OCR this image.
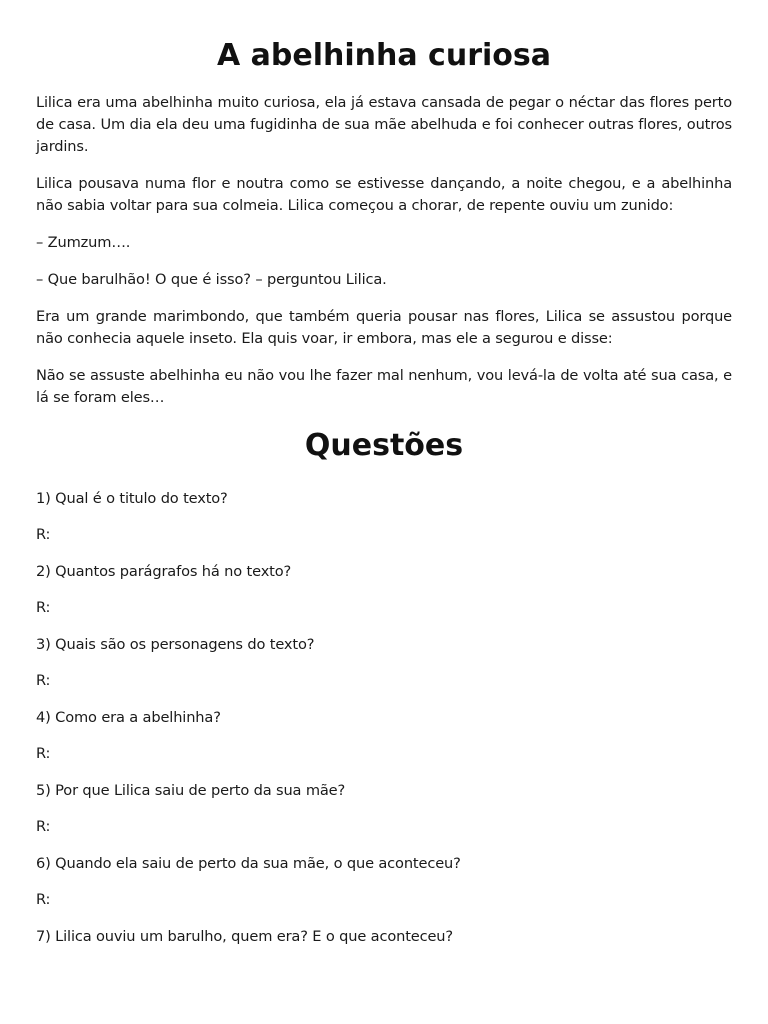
A abelhinha curiosa

Lilica era uma abelhinha muito curiosa, ela já estava cansada de pegar o néctar das flores perto de casa. Um dia ela deu uma fugidinha de sua mãe abelhuda e foi conhecer outras flores, outros jardins.

Lilica pousava numa flor e noutra como se estivesse dançando, a noite chegou, e a abelhinha não sabia voltar para sua colmeia. Lilica começou a chorar, de repente ouviu um zunido:

– Zumzum….

– Que barulhão! O que é isso? – perguntou Lilica.

Era um grande marimbondo, que também queria pousar nas flores, Lilica se assustou porque não conhecia aquele inseto. Ela quis voar, ir embora, mas ele a segurou e disse:

Não se assuste abelhinha eu não vou lhe fazer mal nenhum, vou levá-la de volta até sua casa, e lá se foram eles…

Questões

1) Qual é o titulo do texto?

R:

2) Quantos parágrafos há no texto?

R:

3) Quais são os personagens do texto?

R:

4) Como era a abelhinha?

R:

5) Por que Lilica saiu de perto da sua mãe?

R:

6) Quando ela saiu de perto da sua mãe, o que aconteceu?

R:

7) Lilica ouviu um barulho, quem era? E o que aconteceu?
